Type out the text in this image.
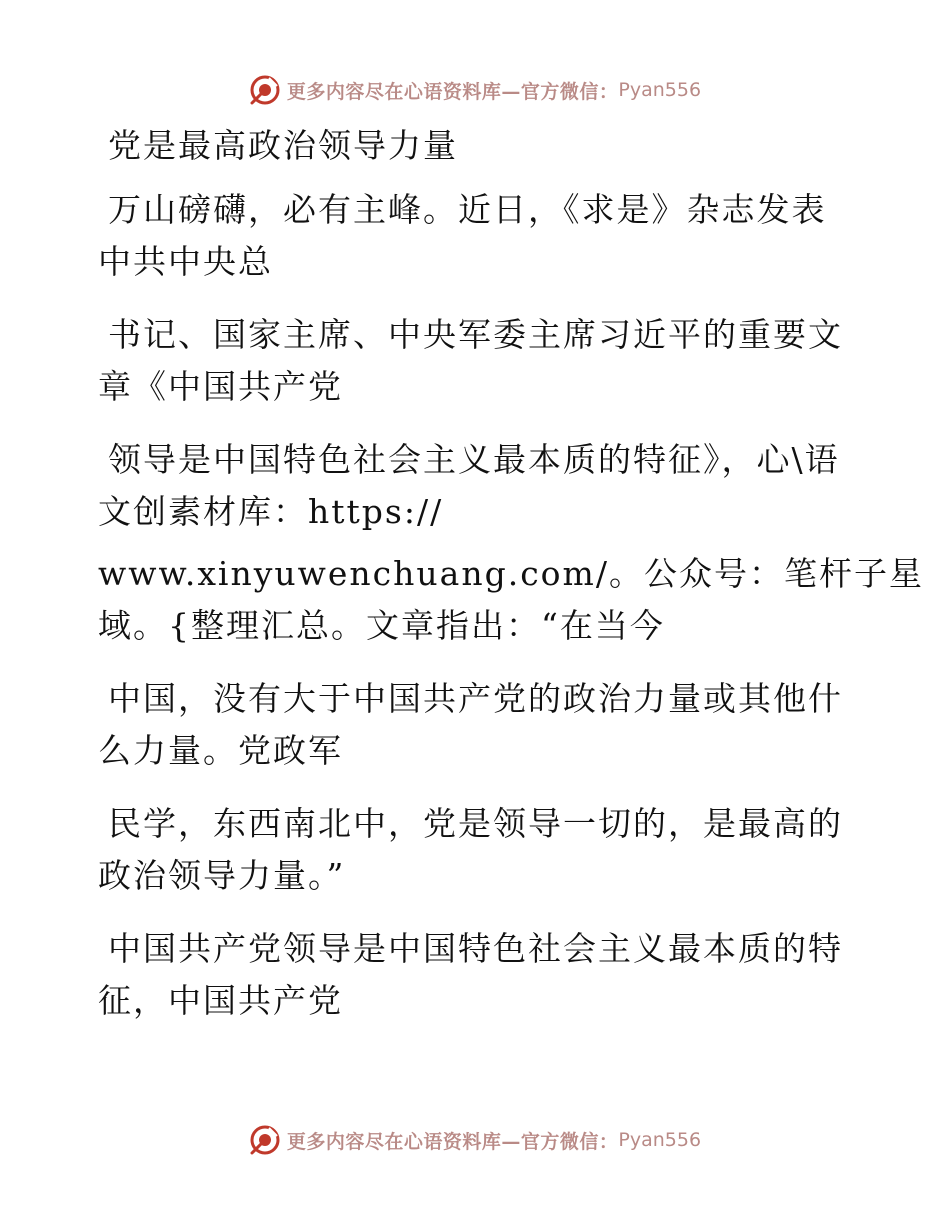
更多内容尽在心语资料库—官方微信： Pyan556
党是最高政治领导力量
万山磅礴，必有主峰。近日，《求是》杂志发表
中共中央总
书记、国家主席、中央军委主席习近平的重要文
章《中国共产党
领导是中国特色社会主义最本质的特征》，心\语
文创素材库：https://
www.xinyuwenchuang.com/。公众号：笔杆子星
域。{整理汇总。文章指出：“在当今
中国，没有大于中国共产党的政治力量或其他什
么力量。党政军
民学，东西南北中，党是领导一切的，是最高的
政治领导力量。”
中国共产党领导是中国特色社会主义最本质的特
征，中国共产党
更多内容尽在心语资料库—官方微信： Pyan556
